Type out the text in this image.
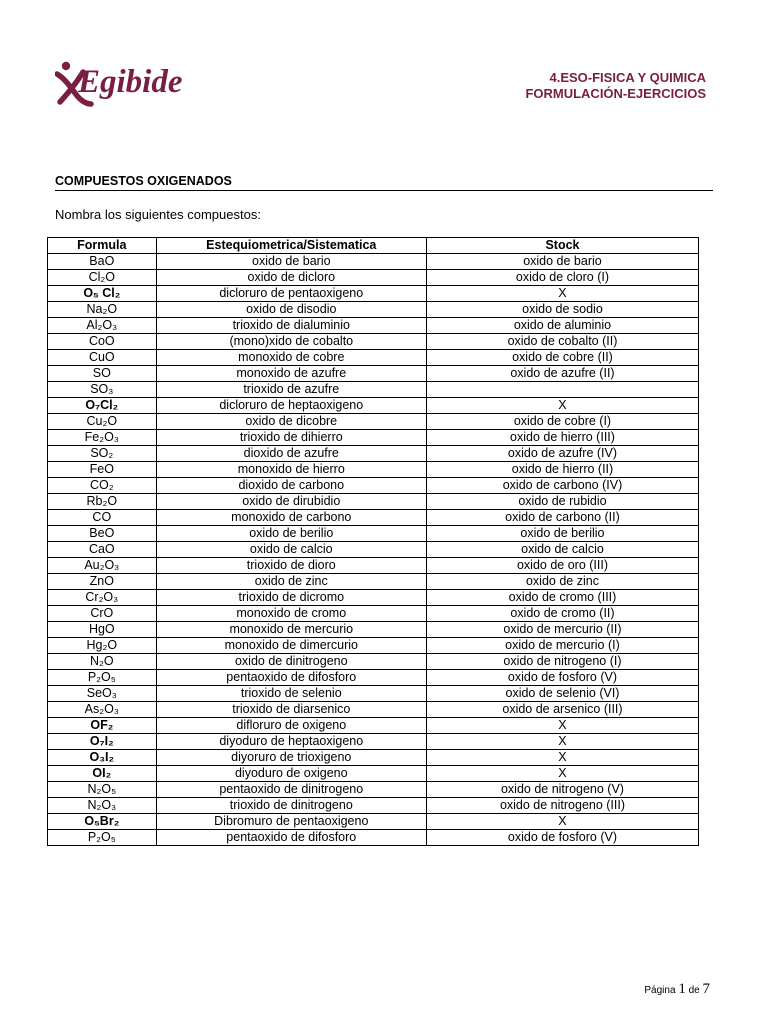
Egibide	4.ESO-FISICA Y QUIMICA
FORMULACIÓN-EJERCICIOS
COMPUESTOS OXIGENADOS
Nombra los siguientes compuestos:
Formula	Estequiometrica/Sistematica	Stock
BaO	oxido de bario	oxido de bario
Cl₂O	oxido de dicloro	oxido de cloro (I)
O₅ Cl₂	dicloruro de pentaoxigeno	X
Na₂O	oxido de disodio	oxido de sodio
Al₂O₃	trioxido de dialuminio	oxido de aluminio
CoO	(mono)xido de cobalto	oxido de cobalto (II)
CuO	monoxido de cobre	oxido de cobre (II)
SO	monoxido de azufre	oxido de azufre (II)
SO₃	trioxido de azufre	
O₇Cl₂	dicloruro de heptaoxigeno	X
Cu₂O	oxido de dicobre	oxido de cobre (I)
Fe₂O₃	trioxido de dihierro	oxido de hierro (III)
SO₂	dioxido de azufre	oxido de azufre (IV)
FeO	monoxido de hierro	oxido de hierro (II)
CO₂	dioxido de carbono	oxido de carbono (IV)
Rb₂O	oxido de dirubidio	oxido de rubidio
CO	monoxido de carbono	oxido de carbono (II)
BeO	oxido de berilio	oxido de berilio
CaO	oxido de calcio	oxido de calcio
Au₂O₃	trioxido de dioro	oxido de oro (III)
ZnO	oxido de zinc	oxido de zinc
Cr₂O₃	trioxido de dicromo	oxido de cromo (III)
CrO	monoxido de cromo	oxido de cromo (II)
HgO	monoxido de mercurio	oxido de mercurio (II)
Hg₂O	monoxido de dimercurio	oxido de mercurio (I)
N₂O	oxido de dinitrogeno	oxido de nitrogeno (I)
P₂O₅	pentaoxido de difosforo	oxido de fosforo (V)
SeO₃	trioxido de selenio	oxido de selenio (VI)
As₂O₃	trioxido de diarsenico	oxido de arsenico (III)
OF₂	difloruro de oxigeno	X
O₇I₂	diyoduro de heptaoxigeno	X
O₃I₂	diyoruro de trioxigeno	X
OI₂	diyoduro de oxigeno	X
N₂O₅	pentaoxido de dinitrogeno	oxido de nitrogeno (V)
N₂O₃	trioxido de dinitrogeno	oxido de nitrogeno (III)
O₅Br₂	Dibromuro de pentaoxigeno	X
P₂O₅	pentaoxido de difosforo	oxido de fosforo (V)
Página 1 de 7
